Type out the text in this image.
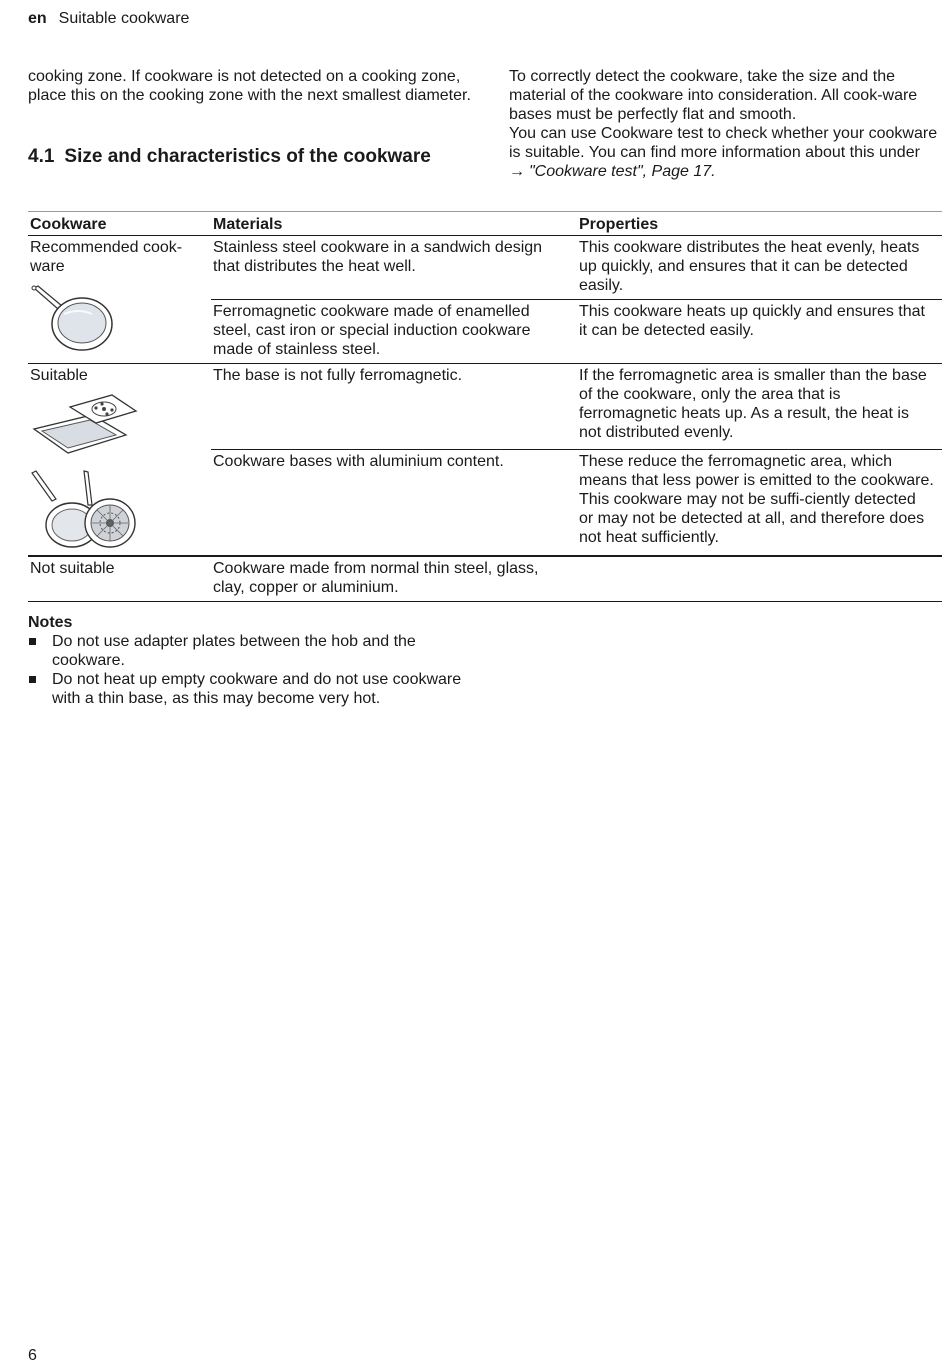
en Suitable cookware
cooking zone. If cookware is not detected on a cooking zone, place this on the cooking zone with the next smallest diameter.
4.1 Size and characteristics of the cookware
To correctly detect the cookware, take the size and the material of the cookware into consideration. All cook-ware bases must be perfectly flat and smooth.
You can use Cookware test to check whether your cookware is suitable. You can find more information about this under
→ "Cookware test", Page 17.
Cookware	Materials	Properties

Recommended cook-ware	Stainless steel cookware in a sandwich design that distributes the heat well.	This cookware distributes the heat evenly, heats up quickly, and ensures that it can be detected easily.
	Ferromagnetic cookware made of enamelled steel, cast iron or special induction cookware made of stainless steel.	This cookware heats up quickly and ensures that it can be detected easily.

Suitable	The base is not fully ferromagnetic.	If the ferromagnetic area is smaller than the base of the cookware, only the area that is ferromagnetic heats up. As a result, the heat is not distributed evenly.
	Cookware bases with aluminium content.	These reduce the ferromagnetic area, which means that less power is emitted to the cookware. This cookware may not be suffi-ciently detected or may not be detected at all, and therefore does not heat sufficiently.
Not suitable	Cookware made from normal thin steel, glass, clay, copper or aluminium.	
Notes
Do not use adapter plates between the hob and the cookware.
Do not heat up empty cookware and do not use cookware with a thin base, as this may become very hot.
6
